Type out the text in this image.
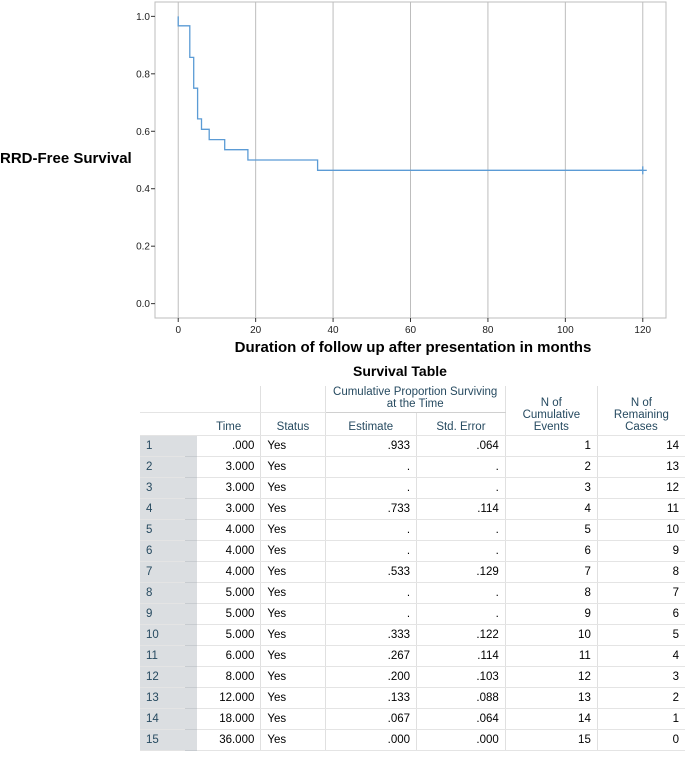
0	20	40	60	80	100	120
0.0
0.2
0.4
0.6
0.8
1.0
RRD-Free Survival
Duration of follow up after presentation in months
Survival Table
				Cumulative Proportion Surviving at the Time		N of Cumulative Events	N of Remaining Cases
		Time	Status	Estimate	Std. Error		
1		.000	Yes	.933	.064	1	14
2		3.000	Yes	.	.	2	13
3		3.000	Yes	.	.	3	12
4		3.000	Yes	.733	.114	4	11
5		4.000	Yes	.	.	5	10
6		4.000	Yes	.	.	6	9
7		4.000	Yes	.533	.129	7	8
8		5.000	Yes	.	.	8	7
9		5.000	Yes	.	.	9	6
10		5.000	Yes	.333	.122	10	5
11		6.000	Yes	.267	.114	11	4
12		8.000	Yes	.200	.103	12	3
13		12.000	Yes	.133	.088	13	2
14		18.000	Yes	.067	.064	14	1
15		36.000	Yes	.000	.000	15	0
